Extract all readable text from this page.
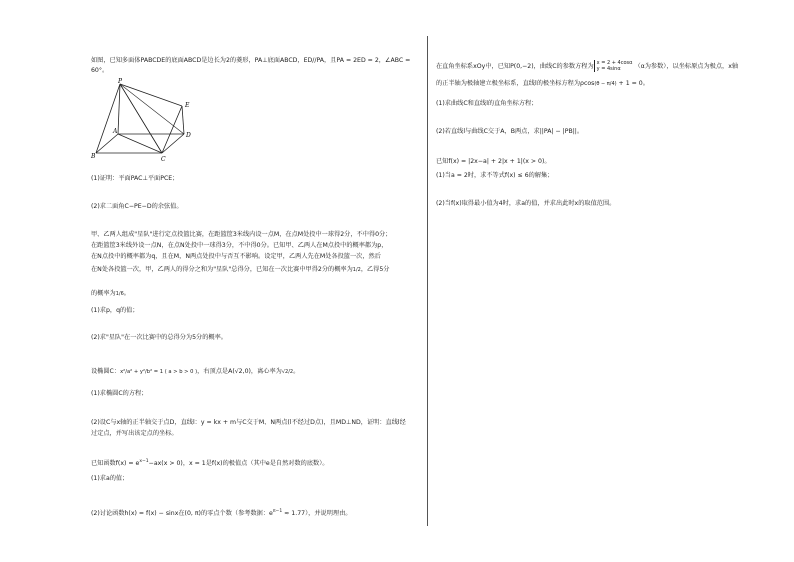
如图，已知多面体PABCDE的底面ABCD是边长为2的菱形，PA⊥底面ABCD，ED//PA，且PA = 2ED = 2，∠ABC =
60°。
P
E
A
D
B	C
(1)证明：平面PAC⊥平面PCE；
(2)求二面角C−PE−D的余弦值。
甲、乙两人组成"星队"进行定点投篮比赛，在距篮筐3米线内设一点M，在点M处投中一球得2分，不中得0分；
在距篮筐3米线外设一点N，在点N处投中一球得3分，不中得0分。已知甲、乙两人在M点投中的概率都为p，
在N点投中的概率都为q，且在M，N两点处投中与否互不影响。设定甲，乙两人先在M处各投篮一次，然后
在N处各投篮一次，甲，乙两人的得分之和为"星队"总得分，已知在一次比赛中甲得2分的概率为1/2，乙得5分
的概率为1/6。
(1)求p，q的值；
(2)求"星队"在一次比赛中的总得分为5分的概率。
设椭圆C：x²/a² + y²/b² = 1 ( a > b > 0 )，右顶点是A(√2,0)，离心率为√2/2。
(1)求椭圆C的方程；
(2)设C与x轴的正半轴交于点D，直线l：y = kx + m与C交于M、N两点(l不经过D点)，且MD⊥ND，证明：直线l经
过定点，并写出该定点的坐标。
已知函数$f(x) = e^{x-1}-ax(x > 0)$，x = 1是f(x)的极值点（其中e是自然对数的底数）。
(1)求a的值；
(2)讨论函数h(x) = f(x) − sinx在(0, π)的零点个数（参考数据：$e^{\pi-1} \approx 1.77$），并说明理由。
在直角坐标系xOy中，已知P(0,−2)，曲线C的参数方程为 x = 2 + 4cosα
y = 4sinα	（α为参数），以坐标原点为极点，x轴
的正半轴为极轴建立极坐标系，直线l的极坐标方程为ρcos(θ − π/4) + 1 = 0。
(1)求曲线C和直线l的直角坐标方程；
(2)若直线l与曲线C交于A，B两点，求||PA| − |PB||。
已知f(x) = |2x−a| + 2|x + 1|(x > 0)。
(1)当a = 2时，求不等式f(x) ≤ 6的解集；
(2)当f(x)取得最小值为4时，求a的值，并求出此时x的取值范围。
